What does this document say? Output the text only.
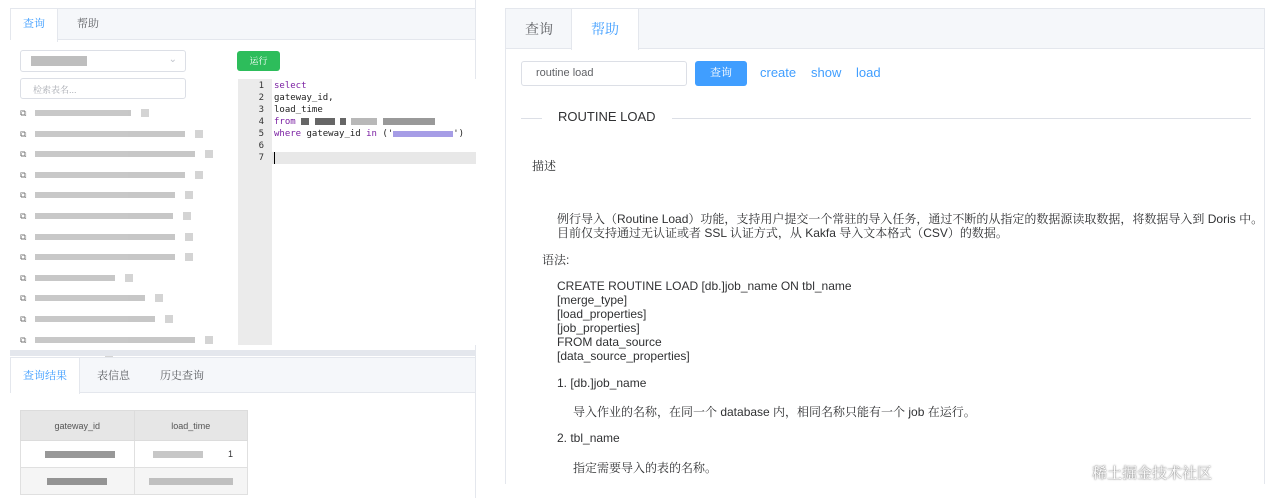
查询	帮助
⌄	运行
检索表名...
⧉
⧉
⧉
⧉
⧉
⧉
⧉
⧉
⧉
⧉
⧉
⧉
1
2
3
4
5
6
7
select
gateway_id,
load_time
from
where gateway_id in ('	')
查询结果	表信息	历史查询
gateway_id	load_time

	1

查询	帮助
routine load	查询	create show load
ROUTINE LOAD
描述
例行导入（Routine Load）功能，支持用户提交一个常驻的导入任务，通过不断的从指定的数据源读取数据，将数据导入到 Doris 中。
目前仅支持通过无认证或者 SSL 认证方式，从 Kakfa 导入文本格式（CSV）的数据。
语法:
CREATE ROUTINE LOAD [db.]job_name ON tbl_name
[merge_type]
[load_properties]
[job_properties]
FROM data_source
[data_source_properties]
1. [db.]job_name
导入作业的名称，在同一个 database 内，相同名称只能有一个 job 在运行。
2. tbl_name
指定需要导入的表的名称。	稀土掘金技术社区
